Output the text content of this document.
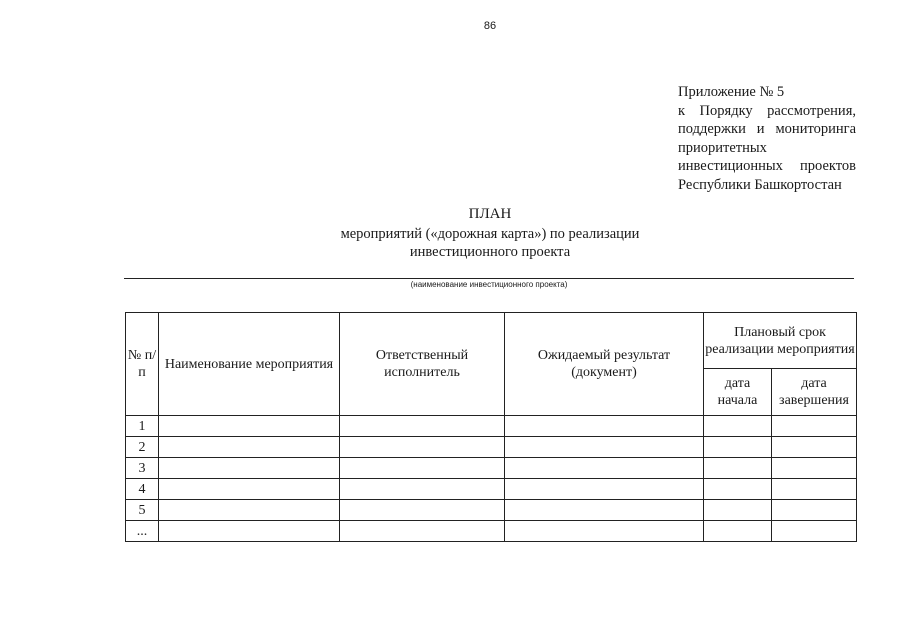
86
Приложение № 5
к Порядку рассмотрения,
поддержки и мониторинга
приоритетных
инвестиционных проектов
Республики Башкортостан
ПЛАН
мероприятий («дорожная карта») по реализации
инвестиционного проекта
(наименование инвестиционного проекта)
№ п/п	Наименование мероприятия	Ответственный исполнитель	Ожидаемый результат (документ)	Плановый срок реализации мероприятия	
				дата начала	дата завершения
1					
2					
3					
4					
5					
...					
